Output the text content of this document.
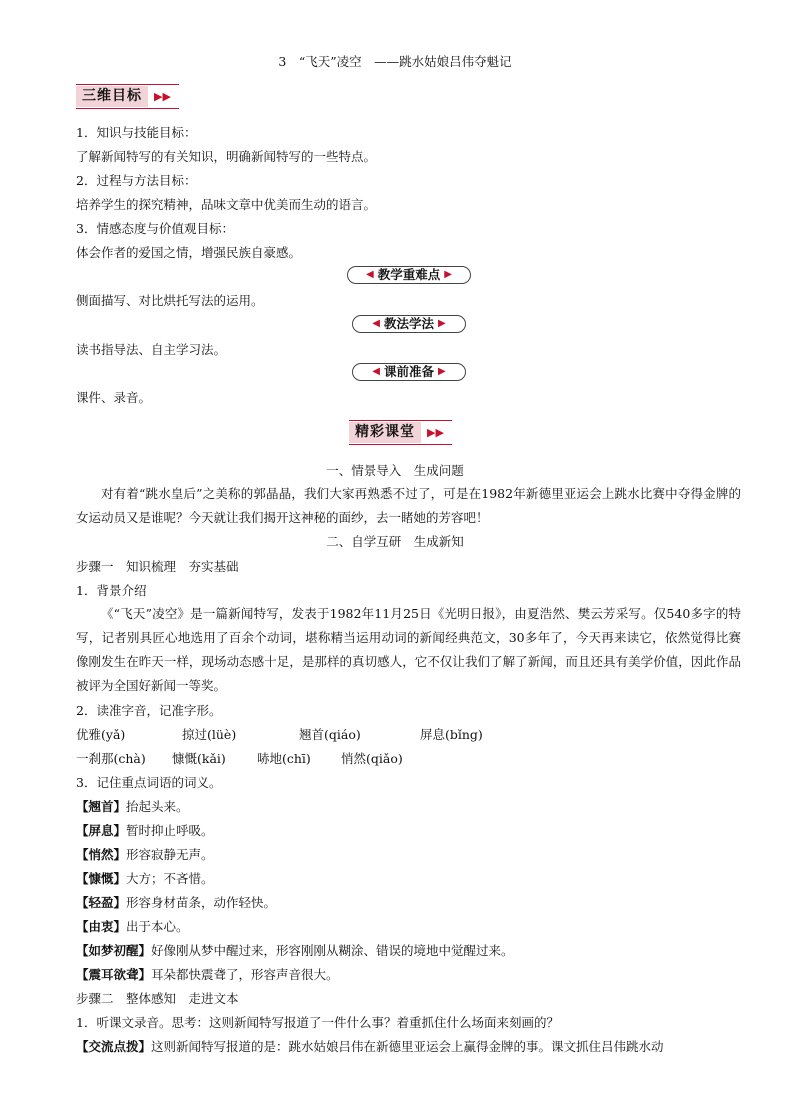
3　“飞天”凌空　——跳水姑娘吕伟夺魁记
三维目标	▶▶
1．知识与技能目标：
了解新闻特写的有关知识，明确新闻特写的一些特点。
2．过程与方法目标：
培养学生的探究精神，品味文章中优美而生动的语言。
3．情感态度与价值观目标：
体会作者的爱国之情，增强民族自豪感。
◀ 教学重难点 ▶
侧面描写、对比烘托写法的运用。
◀ 教法学法 ▶
读书指导法、自主学习法。
◀ 课前准备 ▶
课件、录音。
精彩课堂	▶▶
一、情景导入　生成问题
对有着“跳水皇后”之美称的郭晶晶，我们大家再熟悉不过了，可是在1982年新德里亚运会上跳水比赛中夺得金牌的女运动员又是谁呢？今天就让我们揭开这神秘的面纱，去一睹她的芳容吧！
二、自学互研　生成新知
步骤一　知识梳理　夯实基础
1．背景介绍
《“飞天”凌空》是一篇新闻特写，发表于1982年11月25日《光明日报》，由夏浩然、樊云芳采写。仅540多字的特写，记者别具匠心地选用了百余个动词，堪称精当运用动词的新闻经典范文，30多年了，今天再来读它，依然觉得比赛像刚发生在昨天一样，现场动态感十足，是那样的真切感人，它不仅让我们了解了新闻，而且还具有美学价值，因此作品被评为全国好新闻一等奖。
2．读准字音，记准字形。
优雅(yǎ)	掠过(lüè)	翘首(qiáo)	屏息(bǐng)
一刹那(chà) 慷慨(kǎi) 哧地(chī) 悄然(qiǎo)
3．记住重点词语的词义。
【翘首】抬起头来。
【屏息】暂时抑止呼吸。
【悄然】形容寂静无声。
【慷慨】大方；不吝惜。
【轻盈】形容身材苗条，动作轻快。
【由衷】出于本心。
【如梦初醒】好像刚从梦中醒过来，形容刚刚从糊涂、错误的境地中觉醒过来。
【震耳欲聋】耳朵都快震聋了，形容声音很大。
步骤二　整体感知　走进文本
1．听课文录音。思考：这则新闻特写报道了一件什么事？着重抓住什么场面来刻画的？
【交流点拨】这则新闻特写报道的是：跳水姑娘吕伟在新德里亚运会上赢得金牌的事。课文抓住吕伟跳水动
